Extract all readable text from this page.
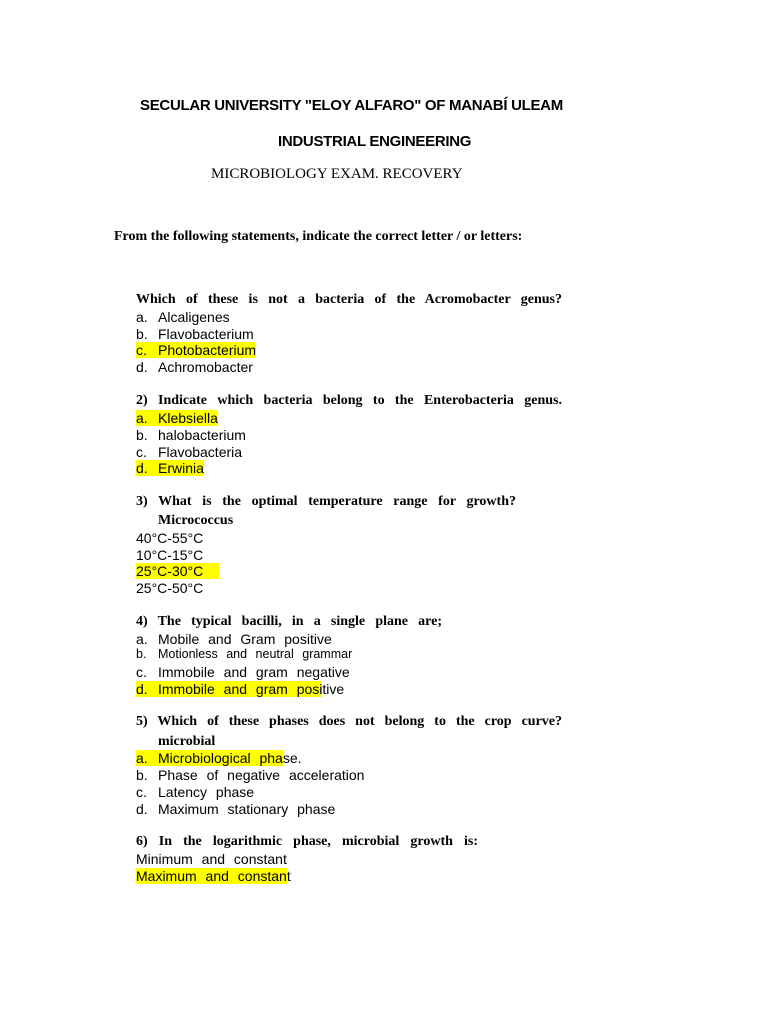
SECULAR UNIVERSITY "ELOY ALFARO" OF MANABÍ ULEAM
INDUSTRIAL ENGINEERING
MICROBIOLOGY EXAM. RECOVERY
From the following statements, indicate the correct letter / or letters:
Which of these is not a bacteria of the Acromobacter genus?
a. Alcaligenes
b. Flavobacterium
c. Photobacterium
d. Achromobacter
2) Indicate which bacteria belong to the Enterobacteria genus.
a. Klebsiella
b. halobacterium
c. Flavobacteria
d. Erwinia
3) What is the optimal temperature range for growth?
Micrococcus
40°C-55°C
10°C-15°C
25°C-30°C
25°C-50°C
4) The typical bacilli, in a single plane are;
a. Mobile and Gram positive
b. Motionless and neutral grammar
c. Immobile and gram negative
d. Immobile and gram positive
5) Which of these phases does not belong to the crop curve?
microbial
a. Microbiological phase.
b. Phase of negative acceleration
c. Latency phase
d. Maximum stationary phase
6) In the logarithmic phase, microbial growth is:
Minimum and constant
Maximum and constant
